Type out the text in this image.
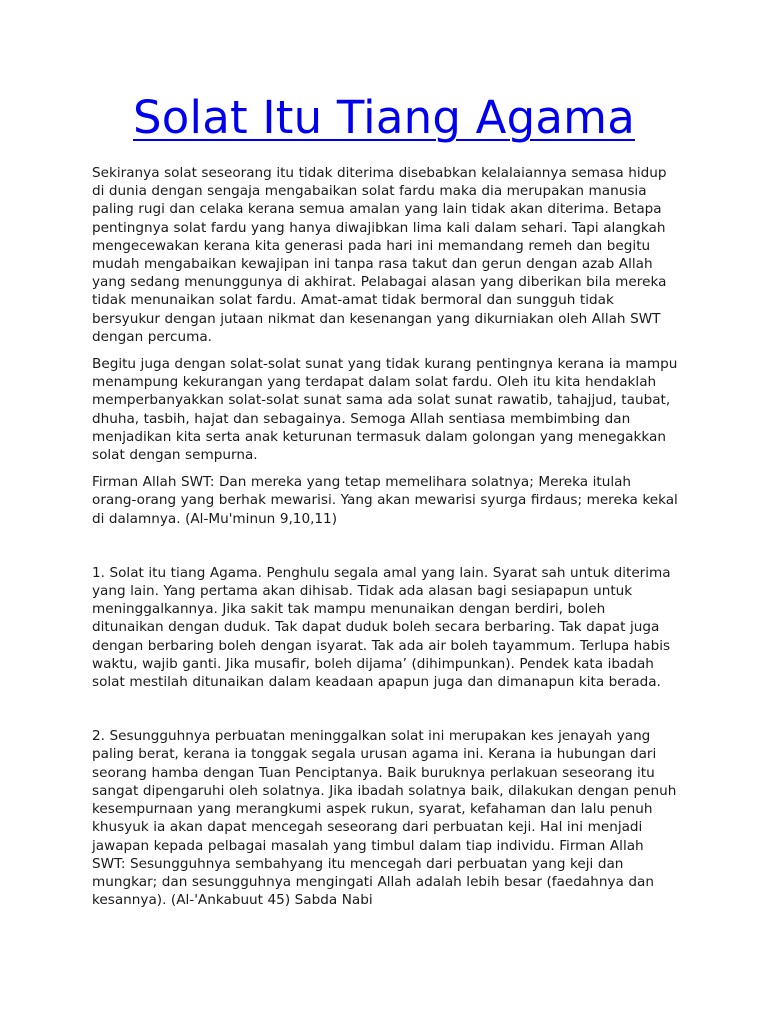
Solat Itu Tiang Agama

Sekiranya solat seseorang itu tidak diterima disebabkan kelalaiannya semasa hidup di dunia dengan sengaja mengabaikan solat fardu maka dia merupakan manusia paling rugi dan celaka kerana semua amalan yang lain tidak akan diterima. Betapa pentingnya solat fardu yang hanya diwajibkan lima kali dalam sehari. Tapi alangkah mengecewakan kerana kita generasi pada hari ini memandang remeh dan begitu mudah mengabaikan kewajipan ini tanpa rasa takut dan gerun dengan azab Allah yang sedang menunggunya di akhirat. Pelabagai alasan yang diberikan bila mereka tidak menunaikan solat fardu. Amat-amat tidak bermoral dan sungguh tidak bersyukur dengan jutaan nikmat dan kesenangan yang dikurniakan oleh Allah SWT dengan percuma.

Begitu juga dengan solat-solat sunat yang tidak kurang pentingnya kerana ia mampu menampung kekurangan yang terdapat dalam solat fardu. Oleh itu kita hendaklah memperbanyakkan solat-solat sunat sama ada solat sunat rawatib, tahajjud, taubat, dhuha, tasbih, hajat dan sebagainya. Semoga Allah sentiasa membimbing dan menjadikan kita serta anak keturunan termasuk dalam golongan yang menegakkan solat dengan sempurna.

Firman Allah SWT: Dan mereka yang tetap memelihara solatnya; Mereka itulah orang-orang yang berhak mewarisi. Yang akan mewarisi syurga firdaus; mereka kekal di dalamnya. (Al-Mu'minun 9,10,11)

1. Solat itu tiang Agama. Penghulu segala amal yang lain. Syarat sah untuk diterima yang lain. Yang pertama akan dihisab. Tidak ada alasan bagi sesiapapun untuk meninggalkannya. Jika sakit tak mampu menunaikan dengan berdiri, boleh ditunaikan dengan duduk. Tak dapat duduk boleh secara berbaring. Tak dapat juga dengan berbaring boleh dengan isyarat. Tak ada air boleh tayammum. Terlupa habis waktu, wajib ganti. Jika musafir, boleh dijama’ (dihimpunkan). Pendek kata ibadah solat mestilah ditunaikan dalam keadaan apapun juga dan dimanapun kita berada.

2. Sesungguhnya perbuatan meninggalkan solat ini merupakan kes jenayah yang paling berat, kerana ia tonggak segala urusan agama ini. Kerana ia hubungan dari seorang hamba dengan Tuan Penciptanya. Baik buruknya perlakuan seseorang itu sangat dipengaruhi oleh solatnya. Jika ibadah solatnya baik, dilakukan dengan penuh kesempurnaan yang merangkumi aspek rukun, syarat, kefahaman dan lalu penuh khusyuk ia akan dapat mencegah seseorang dari perbuatan keji. Hal ini menjadi jawapan kepada pelbagai masalah yang timbul dalam tiap individu. Firman Allah SWT: Sesungguhnya sembahyang itu mencegah dari perbuatan yang keji dan mungkar; dan sesungguhnya mengingati Allah adalah lebih besar (faedahnya dan kesannya). (Al-'Ankabuut 45) Sabda Nabi
